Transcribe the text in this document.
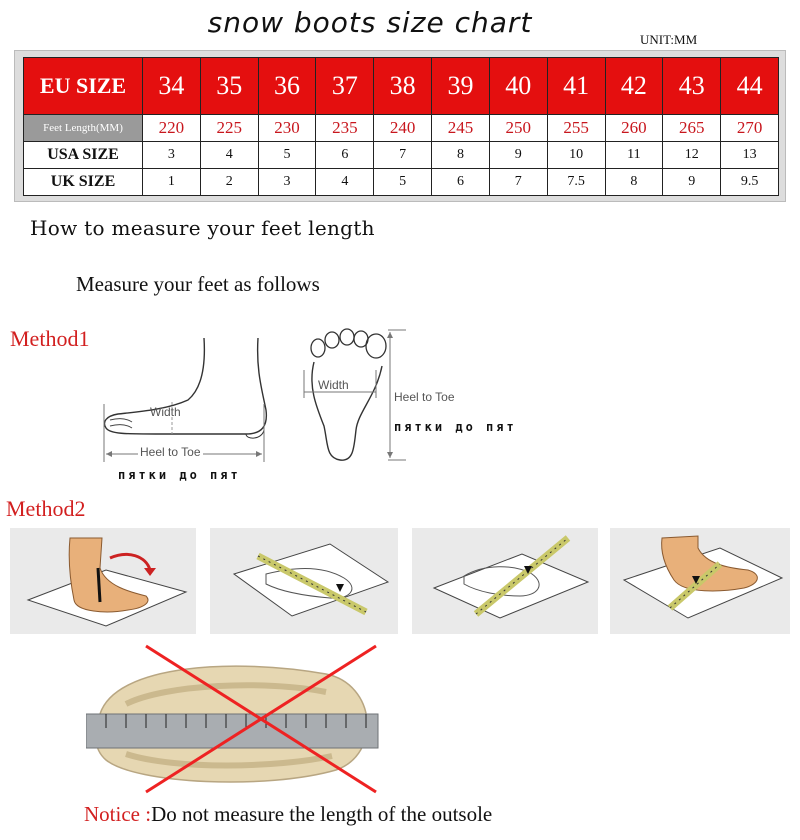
snow boots size chart
UNIT:MM
EU SIZE	34	35	36	37	38	39	40	41	42	43	44
Feet Length(MM)	220	225	230	235	240	245	250	255	260	265	270
USA SIZE	3	4	5	6	7	8	9	10	11	12	13
UK SIZE	1	2	3	4	5	6	7	7.5	8	9	9.5
How to measure your feet length
Measure your feet as follows
Method1
Width
Heel to Toe
пятки до пят
Width
Heel to Toe
пятки до пят
Method2
Notice :Do not measure the length of the outsole
